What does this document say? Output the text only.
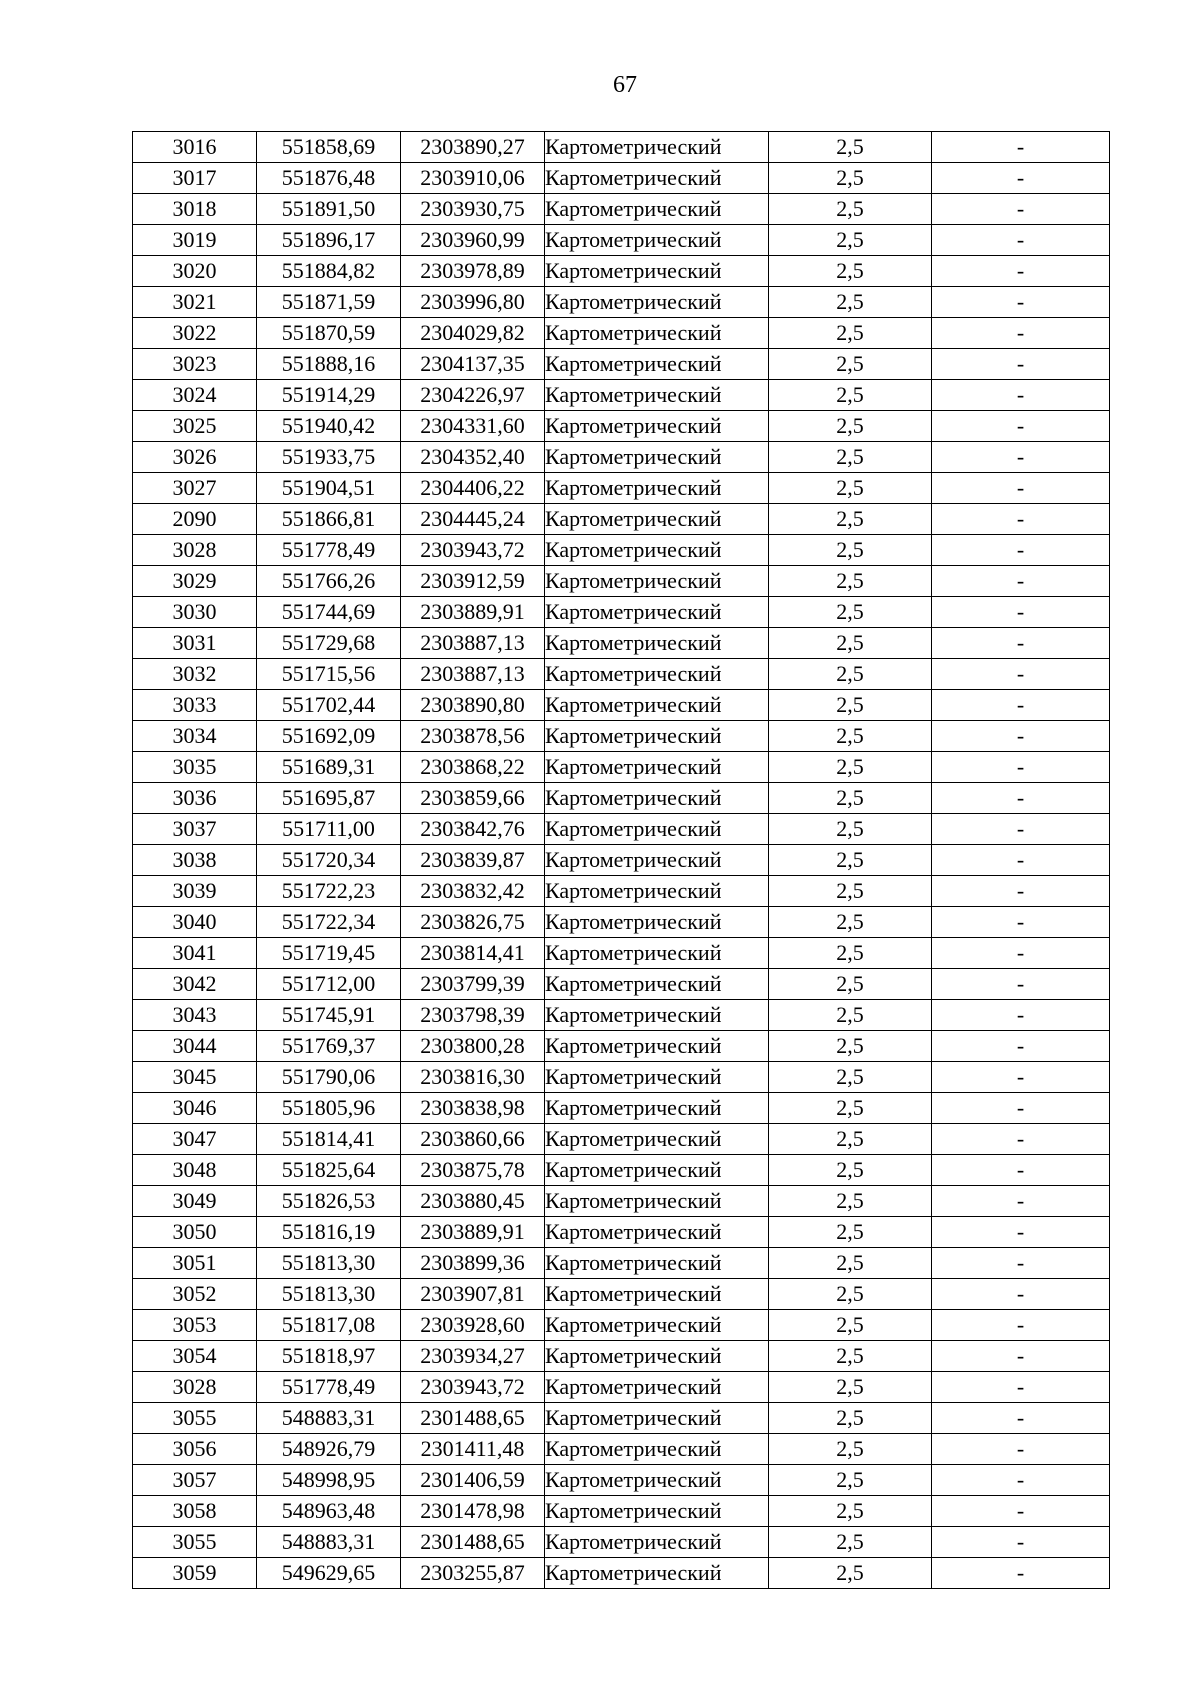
67
3016	551858,69	2303890,27	Картометрический	2,5	-
3017	551876,48	2303910,06	Картометрический	2,5	-
3018	551891,50	2303930,75	Картометрический	2,5	-
3019	551896,17	2303960,99	Картометрический	2,5	-
3020	551884,82	2303978,89	Картометрический	2,5	-
3021	551871,59	2303996,80	Картометрический	2,5	-
3022	551870,59	2304029,82	Картометрический	2,5	-
3023	551888,16	2304137,35	Картометрический	2,5	-
3024	551914,29	2304226,97	Картометрический	2,5	-
3025	551940,42	2304331,60	Картометрический	2,5	-
3026	551933,75	2304352,40	Картометрический	2,5	-
3027	551904,51	2304406,22	Картометрический	2,5	-
2090	551866,81	2304445,24	Картометрический	2,5	-
3028	551778,49	2303943,72	Картометрический	2,5	-
3029	551766,26	2303912,59	Картометрический	2,5	-
3030	551744,69	2303889,91	Картометрический	2,5	-
3031	551729,68	2303887,13	Картометрический	2,5	-
3032	551715,56	2303887,13	Картометрический	2,5	-
3033	551702,44	2303890,80	Картометрический	2,5	-
3034	551692,09	2303878,56	Картометрический	2,5	-
3035	551689,31	2303868,22	Картометрический	2,5	-
3036	551695,87	2303859,66	Картометрический	2,5	-
3037	551711,00	2303842,76	Картометрический	2,5	-
3038	551720,34	2303839,87	Картометрический	2,5	-
3039	551722,23	2303832,42	Картометрический	2,5	-
3040	551722,34	2303826,75	Картометрический	2,5	-
3041	551719,45	2303814,41	Картометрический	2,5	-
3042	551712,00	2303799,39	Картометрический	2,5	-
3043	551745,91	2303798,39	Картометрический	2,5	-
3044	551769,37	2303800,28	Картометрический	2,5	-
3045	551790,06	2303816,30	Картометрический	2,5	-
3046	551805,96	2303838,98	Картометрический	2,5	-
3047	551814,41	2303860,66	Картометрический	2,5	-
3048	551825,64	2303875,78	Картометрический	2,5	-
3049	551826,53	2303880,45	Картометрический	2,5	-
3050	551816,19	2303889,91	Картометрический	2,5	-
3051	551813,30	2303899,36	Картометрический	2,5	-
3052	551813,30	2303907,81	Картометрический	2,5	-
3053	551817,08	2303928,60	Картометрический	2,5	-
3054	551818,97	2303934,27	Картометрический	2,5	-
3028	551778,49	2303943,72	Картометрический	2,5	-
3055	548883,31	2301488,65	Картометрический	2,5	-
3056	548926,79	2301411,48	Картометрический	2,5	-
3057	548998,95	2301406,59	Картометрический	2,5	-
3058	548963,48	2301478,98	Картометрический	2,5	-
3055	548883,31	2301488,65	Картометрический	2,5	-
3059	549629,65	2303255,87	Картометрический	2,5	-
